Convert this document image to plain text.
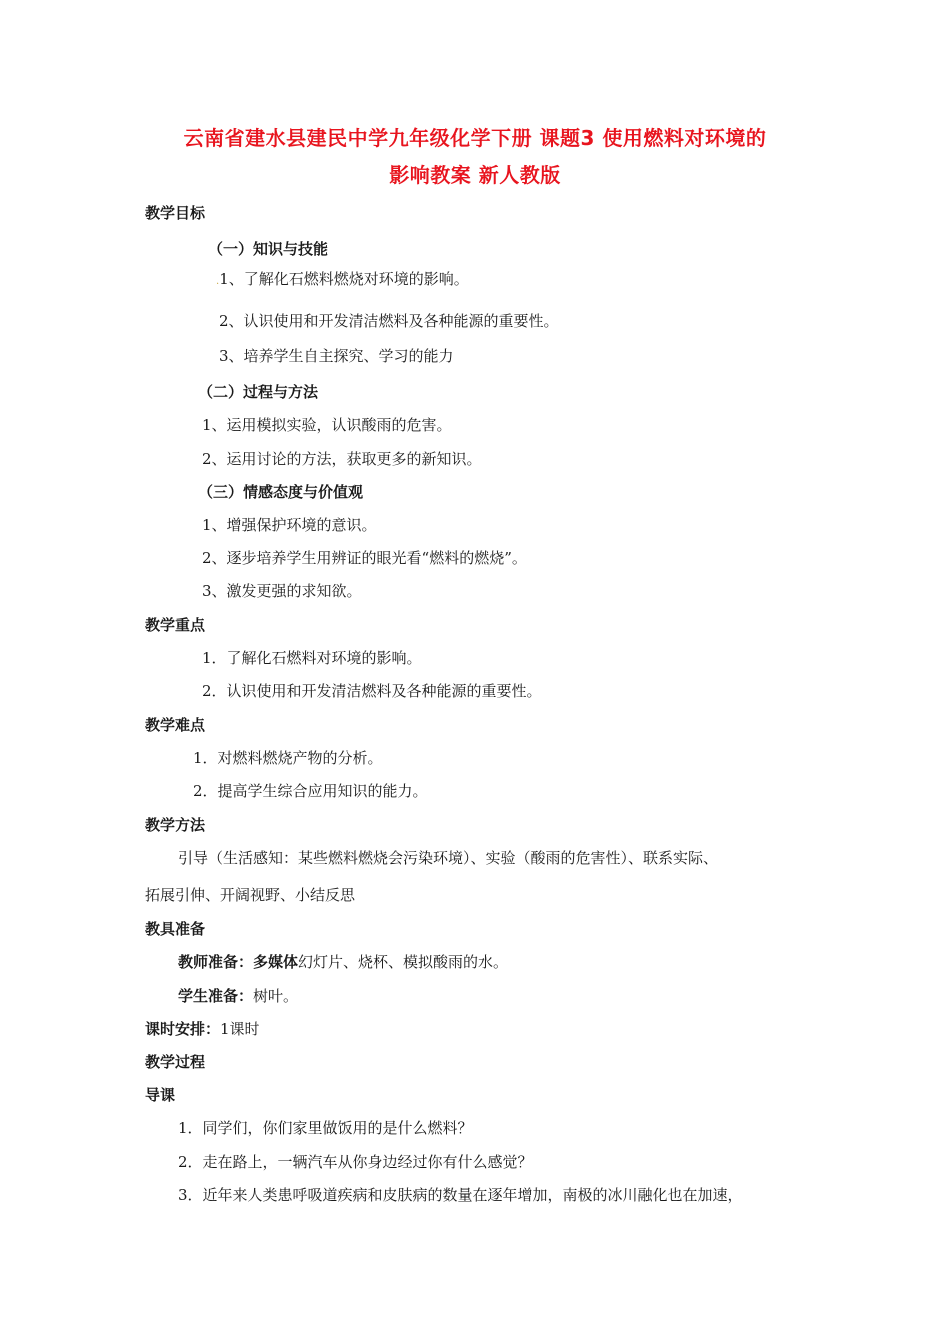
云南省建水县建民中学九年级化学下册 课题3 使用燃料对环境的
影响教案 新人教版
教学目标
（一）知识与技能
.1、了解化石燃料燃烧对环境的影响。
2、认识使用和开发清洁燃料及各种能源的重要性。
3、培养学生自主探究、学习的能力
（二）过程与方法
1、运用模拟实验，认识酸雨的危害。
2、运用讨论的方法，获取更多的新知识。
（三）情感态度与价值观
1、增强保护环境的意识。
2、逐步培养学生用辨证的眼光看“燃料的燃烧”。
3、激发更强的求知欲。
教学重点
1．了解化石燃料对环境的影响。
2．认识使用和开发清洁燃料及各种能源的重要性。
教学难点
1．对燃料燃烧产物的分析。
2．提高学生综合应用知识的能力。
教学方法
引导（生活感知：某些燃料燃烧会污染环境）、实验（酸雨的危害性）、联系实际、
拓展引伸、开阔视野、小结反思
教具准备
教师准备：多媒体幻灯片、烧杯、模拟酸雨的水。
学生准备：树叶。
课时安排：1课时
教学过程
导课
1．同学们，你们家里做饭用的是什么燃料？
2．走在路上，一辆汽车从你身边经过你有什么感觉？
3．近年来人类患呼吸道疾病和皮肤病的数量在逐年增加，南极的冰川融化也在加速，
